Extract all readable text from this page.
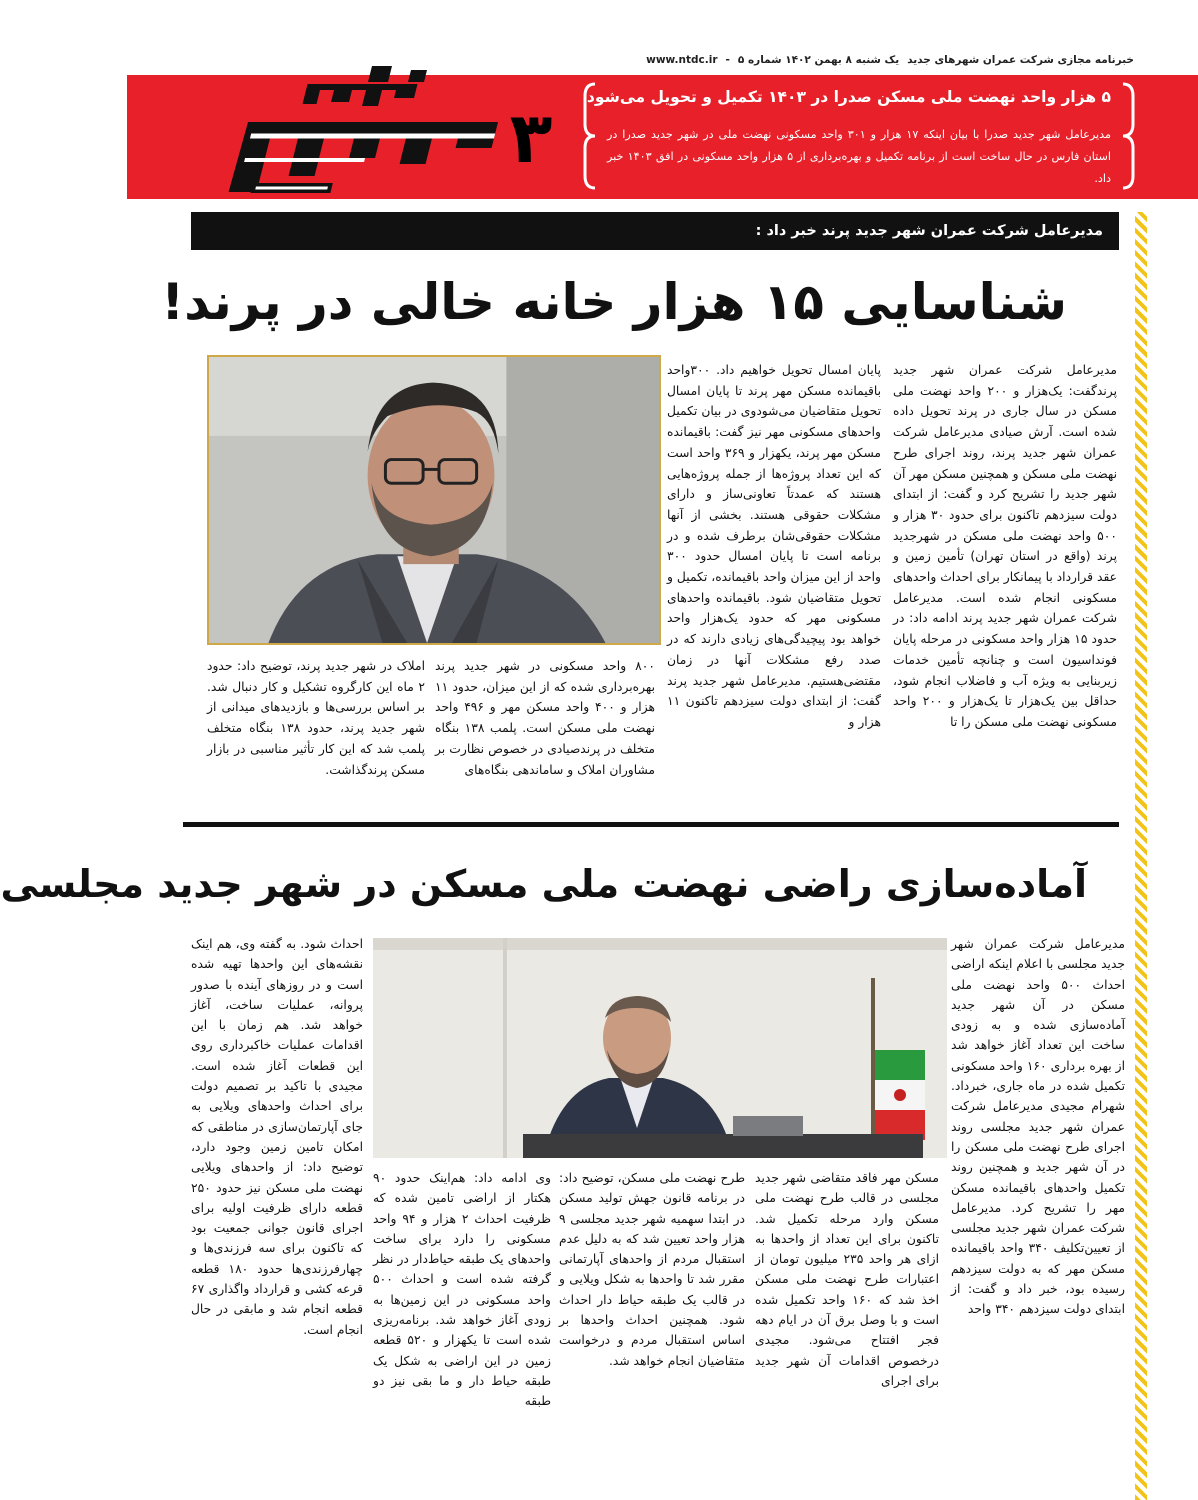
خبرنامه مجازی شرکت عمران شهرهای جدید
یک شنبه ۸ بهمن ۱۴۰۲ شماره ۵
-
www.ntdc.ir
۳	۵ هزار واحد نهضت ملی مسکن صدرا در ۱۴۰۳ تکمیل و تحویل می‌شود
مدیرعامل شهر جدید صدرا با بیان اینکه ۱۷ هزار و ۳۰۱ واحد مسکونی نهضت ملی در شهر جدید صدرا در استان فارس در حال ساخت است از برنامه تکمیل و بهره‌برداری از ۵ هزار واحد مسکونی در افق ۱۴۰۳ خبر داد.
مدیرعامل شرکت عمران شهر جدید پرند خبر داد :
شناسایی ۱۵ هزار خانه خالی در پرند!

مدیرعامل شرکت عمران شهر جدید پرندگفت: یک‌هزار و ۲۰۰ واحد نهضت ملی مسکن در سال جاری در پرند تحویل داده شده است. آرش صیادی مدیرعامل شرکت عمران شهر جدید پرند، روند اجرای طرح نهضت ملی مسکن و همچنین مسکن مهر آن شهر جدید را تشریح کرد و گفت: از ابتدای دولت سیزدهم تاکنون برای حدود ۳۰ هزار و ۵۰۰ واحد نهضت ملی مسکن در شهرجدید پرند (واقع در استان تهران) تأمین زمین و عقد قرارداد با پیمانکار برای احداث واحدهای مسکونی انجام شده است. مدیرعامل شرکت عمران شهر جدید پرند ادامه داد: در حدود ۱۵ هزار واحد مسکونی در مرحله پایان فونداسیون است و چنانچه تأمین خدمات زیربنایی به ویژه آب و فاضلاب انجام شود، حداقل بین یک‌هزار تا یک‌هزار و ۲۰۰ واحد مسکونی نهضت ملی مسکن را تا

پایان امسال تحویل خواهیم داد. ۳۰۰واحد باقیمانده مسکن مهر پرند تا پایان امسال تحویل متقاضیان می‌شودوی در بیان تکمیل واحدهای مسکونی مهر نیز گفت: باقیمانده مسکن مهر پرند، یکهزار و ۳۶۹ واحد است که این تعداد پروژه‌ها از جمله پروژه‌هایی هستند که عمدتاً تعاونی‌ساز و دارای مشکلات حقوقی هستند. بخشی از آنها مشکلات حقوقی‌شان برطرف شده و در برنامه است تا پایان امسال حدود ۳۰۰ واحد از این میزان واحد باقیمانده، تکمیل و تحویل متقاضیان شود. باقیمانده واحدهای مسکونی مهر که حدود یک‌هزار واحد خواهد بود پیچیدگی‌های زیادی دارند که در صدد رفع مشکلات آنها در زمان مقتضی‌هستیم. مدیرعامل شهر جدید پرند گفت: از ابتدای دولت سیزدهم تاکنون ۱۱ هزار و

۸۰۰ واحد مسکونی در شهر جدید پرند بهره‌برداری شده که از این میزان، حدود ۱۱ هزار و ۴۰۰ واحد مسکن مهر و ۴۹۶ واحد نهضت ملی مسکن است. پلمب ۱۳۸ بنگاه متخلف در پرندصیادی در خصوص نظارت بر مشاوران املاک و ساماندهی بنگاه‌های

املاک در شهر جدید پرند، توضیح داد: حدود ۲ ماه این کارگروه تشکیل و کار دنبال شد. بر اساس بررسی‌ها و بازدیدهای میدانی از شهر جدید پرند، حدود ۱۳۸ بنگاه متخلف پلمب شد که این کار تأثیر مناسبی در بازار مسکن پرندگذاشت.

آماده‌سازی راضی نهضت ملی مسکن در شهر جدید مجلسی

مدیرعامل شرکت عمران شهر جدید مجلسی با اعلام اینکه اراضی احداث ۵۰۰ واحد نهضت ملی مسکن در آن شهر جدید آماده‌سازی شده و به زودی ساخت این تعداد آغاز خواهد شد از بهره برداری ۱۶۰ واحد مسکونی تکمیل شده در ماه جاری، خبرداد. شهرام مجیدی مدیرعامل شرکت عمران شهر جدید مجلسی روند اجرای طرح نهضت ملی مسکن را در آن شهر جدید و همچنین روند تکمیل واحدهای باقیمانده مسکن مهر را تشریح کرد. مدیرعامل شرکت عمران شهر جدید مجلسی از تعیین‌تکلیف ۳۴۰ واحد باقیمانده مسکن مهر که به دولت سیزدهم رسیده بود، خبر داد و گفت: از ابتدای دولت سیزدهم ۳۴۰ واحد

مسکن مهر فاقد متقاضی شهر جدید مجلسی در قالب طرح نهضت ملی مسکن وارد مرحله تکمیل شد. تاکنون برای این تعداد از واحدها به ازای هر واحد ۲۳۵ میلیون تومان از اعتبارات طرح نهضت ملی مسکن اخذ شد که ۱۶۰ واحد تکمیل شده است و با وصل برق آن در ایام دهه فجر افتتاح می‌شود. مجیدی درخصوص اقدامات آن شهر جدید برای اجرای

طرح نهضت ملی مسکن، توضیح داد: در برنامه قانون جهش تولید مسکن در ابتدا سهمیه شهر جدید مجلسی ۹ هزار واحد تعیین شد که به دلیل عدم استقبال مردم از واحدهای آپارتمانی مقرر شد تا واحدها به شکل ویلایی و در قالب یک طبقه حیاط دار احداث شود. همچنین احداث واحدها بر اساس استقبال مردم و درخواست متقاضیان انجام خواهد شد.

وی ادامه داد: هم‌اینک حدود ۹۰ هکتار از اراضی تامین شده که ظرفیت احداث ۲ هزار و ۹۴ واحد مسکونی را دارد برای ساخت واحدهای یک طبقه حیاط‌دار در نظر گرفته شده است و احداث ۵۰۰ واحد مسکونی در این زمین‌ها به زودی آغاز خواهد شد. برنامه‌ریزی شده است تا یکهزار و ۵۲۰ قطعه زمین در این اراضی به شکل یک طبقه حیاط دار و ما بقی نیز دو طبقه

احداث شود. به گفته وی، هم اینک نقشه‌های این واحدها تهیه شده است و در روزهای آینده با صدور پروانه، عملیات ساخت، آغاز خواهد شد. هم زمان با این اقدامات عملیات خاکبرداری روی این قطعات آغاز شده است. مجیدی با تاکید بر تصمیم دولت برای احداث واحدهای ویلایی به جای آپارتمان‌سازی در مناطقی که امکان تامین زمین وجود دارد، توضیح داد: از واحدهای ویلایی نهضت ملی مسکن نیز حدود ۲۵۰ قطعه دارای ظرفیت اولیه برای اجرای قانون جوانی جمعیت بود که تاکنون برای سه فرزندی‌ها و چهارفرزندی‌ها حدود ۱۸۰ قطعه قرعه کشی و قرارداد واگذاری ۶۷ قطعه انجام شد و مابقی در حال انجام است.
